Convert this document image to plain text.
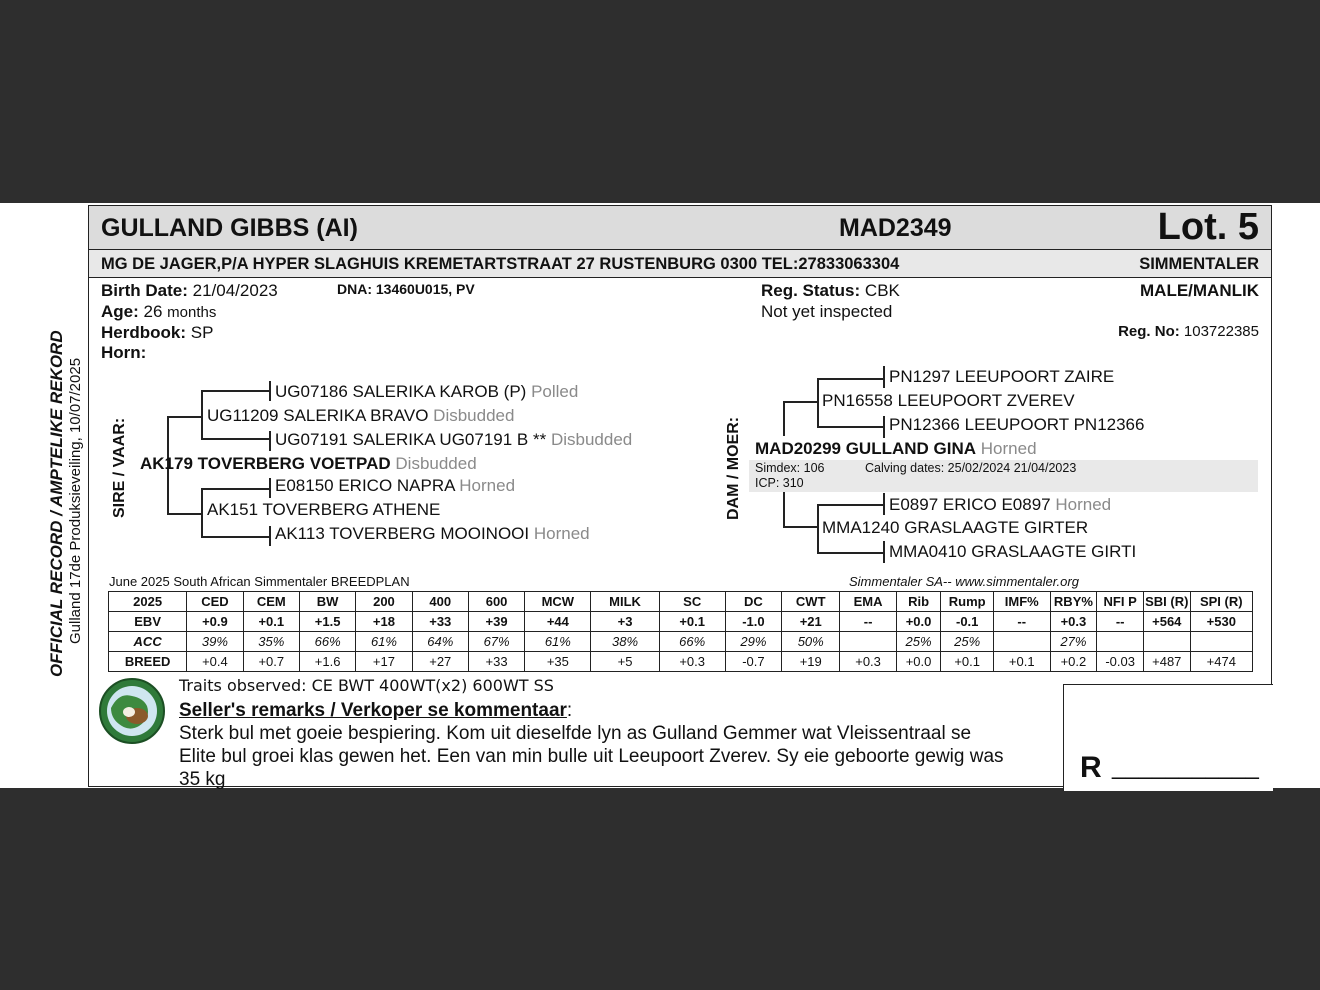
OFFICIAL RECORD / AMPTELIKE REKORD Gulland 17de Produksieveiling, 10/07/2025
GULLAND GIBBS (AI)	MAD2349	Lot. 5
MG DE JAGER,P/A HYPER SLAGHUIS KREMETARTSTRAAT 27 RUSTENBURG 0300 TEL:27833063304	SIMMENTALER
Birth Date: 21/04/2023	DNA: 13460U015, PV
Age: 26 months
Herdbook: SP
Horn:
Reg. Status: CBK
Not yet inspected
MALE/MANLIK
Reg. No: 103722385
SIRE / VAAR:
UG07186 SALERIKA KAROB (P) Polled
UG11209 SALERIKA BRAVO Disbudded
UG07191 SALERIKA UG07191 B ** Disbudded
AK179 TOVERBERG VOETPAD Disbudded
E08150 ERICO NAPRA Horned
AK151 TOVERBERG ATHENE
AK113 TOVERBERG MOOINOOI Horned
DAM / MOER:
PN1297 LEEUPOORT ZAIRE
PN16558 LEEUPOORT ZVEREV
PN12366 LEEUPOORT PN12366
MAD20299 GULLAND GINA Horned
Simdex: 106	Calving dates: 25/02/2024 21/04/2023
ICP: 310
E0897 ERICO E0897 Horned
MMA1240 GRASLAAGTE GIRTER
MMA0410 GRASLAAGTE GIRTI
June 2025 South African Simmentaler BREEDPLAN	Simmentaler SA-- www.simmentaler.org
2025	CED	CEM	BW	200	400	600	MCW	MILK	SC	DC	CWT	EMA	Rib	Rump	IMF%	RBY%	NFI P	SBI (R)	SPI (R)
EBV	+0.9	+0.1	+1.5	+18	+33	+39	+44	+3	+0.1	-1.0	+21	--	+0.0	-0.1	--	+0.3	--	+564	+530
ACC	39%	35%	66%	61%	64%	67%	61%	38%	66%	29%	50%		25%	25%		27%			
BREED	+0.4	+0.7	+1.6	+17	+27	+33	+35	+5	+0.3	-0.7	+19	+0.3	+0.0	+0.1	+0.1	+0.2	-0.03	+487	+474
Traits observed: CE BWT 400WT(x2) 600WT SS
Seller's remarks / Verkoper se kommentaar:
Sterk bul met goeie bespiering. Kom uit dieselfde lyn as Gulland Gemmer wat Vleissentraal se
Elite bul groei klas gewen het. Een van min bulle uit Leeupoort Zverev. Sy eie geboorte gewig was
35 kg	R ___________
